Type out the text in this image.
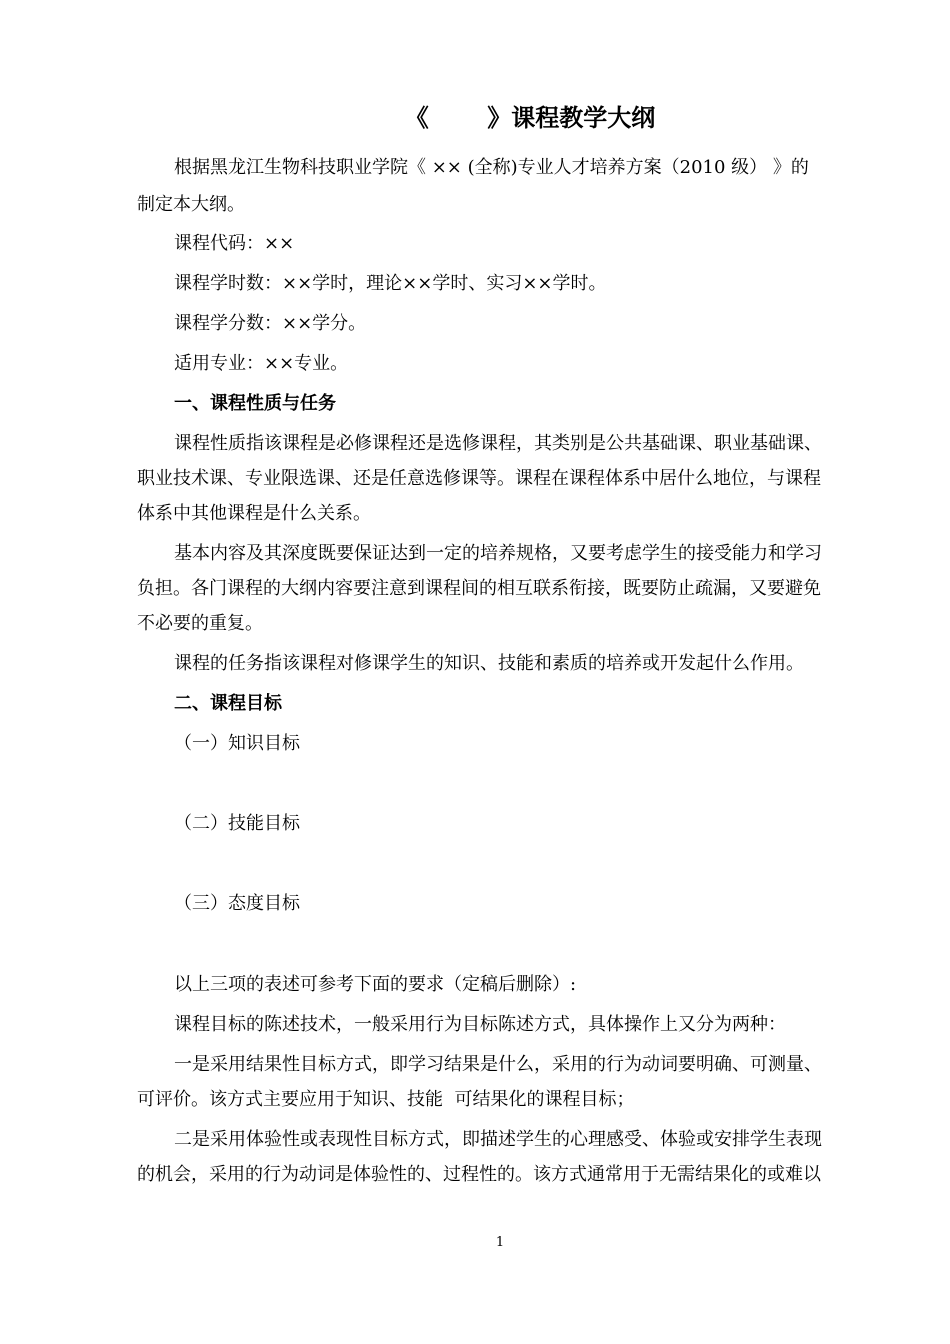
《       》课程教学大纲
根据黑龙江生物科技职业学院《 ×× (全称)专业人才培养方案（2010 级） 》的
制定本大纲。
课程代码：××
课程学时数：××学时，理论××学时、实习××学时。
课程学分数：××学分。
适用专业：××专业。
一、课程性质与任务
课程性质指该课程是必修课程还是选修课程，其类别是公共基础课、职业基础课、
职业技术课、专业限选课、还是任意选修课等。课程在课程体系中居什么地位，与课程
体系中其他课程是什么关系。
基本内容及其深度既要保证达到一定的培养规格，又要考虑学生的接受能力和学习
负担。各门课程的大纲内容要注意到课程间的相互联系衔接，既要防止疏漏，又要避免
不必要的重复。
课程的任务指该课程对修课学生的知识、技能和素质的培养或开发起什么作用。
二、课程目标
（一）知识目标
（二）技能目标
（三）态度目标
以上三项的表述可参考下面的要求（定稿后删除）:
课程目标的陈述技术，一般采用行为目标陈述方式，具体操作上又分为两种：
一是采用结果性目标方式，即学习结果是什么，采用的行为动词要明确、可测量、
可评价。该方式主要应用于知识、技能  可结果化的课程目标；
二是采用体验性或表现性目标方式，即描述学生的心理感受、体验或安排学生表现
的机会，采用的行为动词是体验性的、过程性的。该方式通常用于无需结果化的或难以
1
